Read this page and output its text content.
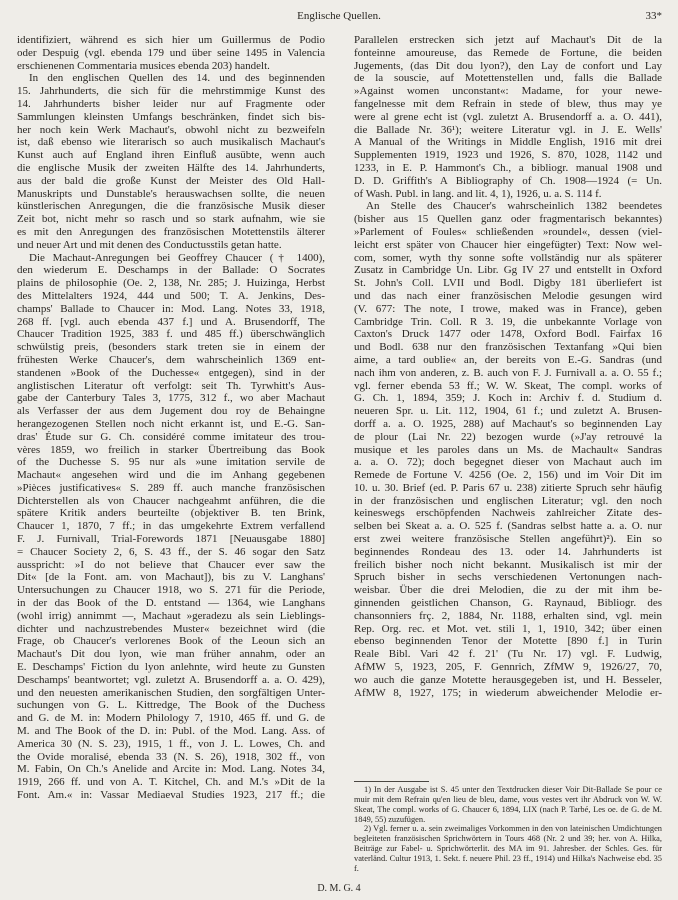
Englische Quellen.	33*
identifiziert, während es sich hier um Guillermus de Podio
oder Despuig (vgl. ebenda 179 und über seine 1495 in Valencia
erschienenen Commentaria musices ebenda 203) handelt.
In den englischen Quellen des 14. und des beginnenden
15. Jahrhunderts, die sich für die mehrstimmige Kunst des
14. Jahrhunderts bisher leider nur auf Fragmente oder
Sammlungen kleinsten Umfangs beschränken, findet sich bis-
her noch kein Werk Machaut's, obwohl nicht zu bezweifeln
ist, daß ebenso wie literarisch so auch musikalisch Machaut's
Kunst auch auf England ihren Einfluß ausübte, wenn auch
die englische Musik der zweiten Hälfte des 14. Jahrhunderts,
aus der bald die große Kunst der Meister des Old Hall-
Manuskripts und Dunstable's herauswachsen sollte, die neuen
künstlerischen Anregungen, die die französische Musik dieser
Zeit bot, nicht mehr so rasch und so stark aufnahm, wie sie
es mit den Anregungen des französischen Motettenstils älterer
und neuer Art und mit denen des Conductusstils getan hatte.
Die Machaut-Anregungen bei Geoffrey Chaucer († 1400),
den wiederum E. Deschamps in der Ballade: O Socrates
plains de philosophie (Oe. 2, 138, Nr. 285; J. Huizinga, Herbst
des Mittelalters 1924, 444 und 500; T. A. Jenkins, Des-
champs' Ballade to Chaucer in: Mod. Lang. Notes 33, 1918,
268 ff. [vgl. auch ebenda 437 f.] und A. Brusendorff, The
Chaucer Tradition 1925, 383 f. und 485 ff.) überschwänglich
schwülstig preis, (besonders stark treten sie in einem der
frühesten Werke Chaucer's, dem wahrscheinlich 1369 ent-
standenen »Book of the Duchesse« entgegen), sind in der
anglistischen Literatur oft verfolgt: seit Th. Tyrwhitt's Aus-
gabe der Canterbury Tales 3, 1775, 312 f., wo aber Machaut
als Verfasser der aus dem Jugement dou roy de Behaingne
herangezogenen Stellen noch nicht erkannt ist, und E.-G. San-
dras' Étude sur G. Ch. considéré comme imitateur des trou-
vères 1859, wo freilich in starker Übertreibung das Book
of the Duchesse S. 95 nur als »une imitation servile de
Machaut« angesehen wird und die im Anhang gegebenen
»Pièces justificatives« S. 289 ff. auch manche französischen
Dichterstellen als von Chaucer nachgeahmt anführen, die die
spätere Kritik anders beurteilte (objektiver B. ten Brink,
Chaucer 1, 1870, 7 ff.; in das umgekehrte Extrem verfallend
F. J. Furnivall, Trial-Forewords 1871 [Neuausgabe 1880]
= Chaucer Society 2, 6, S. 43 ff., der S. 46 sogar den Satz
ausspricht: »I do not believe that Chaucer ever saw the
Dit« [de la Font. am. von Machaut]), bis zu V. Langhans'
Untersuchungen zu Chaucer 1918, wo S. 271 für die Periode,
in der das Book of the D. entstand — 1364, wie Langhans
(wohl irrig) annimmt —, Machaut »geradezu als sein Lieblings-
dichter und nachzustrebendes Muster« bezeichnet wird (die
Frage, ob Chaucer's verlorenes Book of the Leoun sich an
Machaut's Dit dou lyon, wie man früher annahm, oder an
E. Deschamps' Fiction du lyon anlehnte, wird heute zu Gunsten
Deschamps' beantwortet; vgl. zuletzt A. Brusendorff a. a. O. 429),
und den neuesten amerikanischen Studien, den sorgfältigen Unter-
suchungen von G. L. Kittredge, The Book of the Duchess
and G. de M. in: Modern Philology 7, 1910, 465 ff. und G. de
M. and The Book of the D. in: Publ. of the Mod. Lang. Ass. of
America 30 (N. S. 23), 1915, 1 ff., von J. L. Lowes, Ch. and
the Ovide moralisé, ebenda 33 (N. S. 26), 1918, 302 ff., von
M. Fabin, On Ch.'s Anelide and Arcite in: Mod. Lang. Notes 34,
1919, 266 ff. und von A. T. Kitchel, Ch. and M.'s »Dit de la
Font. Am.« in: Vassar Mediaeval Studies 1923, 217 ff.; die
Parallelen erstrecken sich jetzt auf Machaut's Dit de la
fonteinne amoureuse, das Remede de Fortune, die beiden
Jugements, (das Dit dou lyon?), den Lay de confort und Lay
de la souscie, auf Motettenstellen und, falls die Ballade
»Against women unconstant«: Madame, for your newe-
fangelnesse mit dem Refrain in stede of blew, thus may ye
were al grene echt ist (vgl. zuletzt A. Brusendorff a. a. O. 441),
die Ballade Nr. 36¹); weitere Literatur vgl. in J. E. Wells'
A Manual of the Writings in Middle English, 1916 mit drei
Supplementen 1919, 1923 und 1926, S. 870, 1028, 1142 und
1233, in E. P. Hammont's Ch., a bibliogr. manual 1908 und
D. D. Griffith's A Bibliography of Ch. 1908—1924 (= Un.
of Wash. Publ. in lang. and lit. 4, 1), 1926, u. a. S. 114 f.
An Stelle des Chaucer's wahrscheinlich 1382 beendetes
(bisher aus 15 Quellen ganz oder fragmentarisch bekanntes)
»Parlement of Foules« schließenden »roundel«, dessen (viel-
leicht erst später von Chaucer hier eingefügter) Text: Now wel-
com, somer, wyth thy sonne softe vollständig nur als späterer
Zusatz in Cambridge Un. Libr. Gg IV 27 und entstellt in Oxford
St. John's Coll. LVII und Bodl. Digby 181 überliefert ist
und das nach einer französischen Melodie gesungen wird
(V. 677: The note, I trowe, maked was in France), geben
Cambridge Trin. Coll. R 3. 19, die unbekannte Vorlage von
Caxton's Druck 1477 oder 1478, Oxford Bodl. Fairfax 16
und Bodl. 638 nur den französischen Textanfang »Qui bien
aime, a tard oublie« an, der bereits von E.-G. Sandras (und
nach ihm von anderen, z. B. auch von F. J. Furnivall a. a. O. 55 f.;
vgl. ferner ebenda 53 ff.; W. W. Skeat, The compl. works of
G. Ch. 1, 1894, 359; J. Koch in: Archiv f. d. Studium d.
neueren Spr. u. Lit. 112, 1904, 61 f.; und zuletzt A. Brusen-
dorff a. a. O. 1925, 288) auf Machaut's so beginnenden Lay
de plour (Lai Nr. 22) bezogen wurde (»J'ay retrouvé la
musique et les paroles dans un Ms. de Machault« Sandras
a. a. O. 72); doch begegnet dieser von Machaut auch im
Remede de Fortune V. 4256 (Oe. 2, 156) und im Voir Dit im
10. u. 30. Brief (ed. P. Paris 67 u. 238) zitierte Spruch sehr häufig
in der französischen und englischen Literatur; vgl. den noch
keineswegs erschöpfenden Nachweis zahlreicher Zitate des-
selben bei Skeat a. a. O. 525 f. (Sandras selbst hatte a. a. O. nur
erst zwei weitere französische Stellen angeführt)²). Ein so
beginnendes Rondeau des 13. oder 14. Jahrhunderts ist
freilich bisher noch nicht bekannt. Musikalisch ist mir der
Spruch bisher in sechs verschiedenen Vertonungen nach-
weisbar. Über die drei Melodien, die zu der mit ihm be-
ginnenden geistlichen Chanson, G. Raynaud, Bibliogr. des
chansonniers frç. 2, 1884, Nr. 1188, erhalten sind, vgl. mein
Rep. Org. rec. et Mot. vet. stili 1, 1, 1910, 342; über einen
ebenso beginnenden Tenor der Motette [890 f.] in Turin
Reale Bibl. Vari 42 f. 21' (Tu Nr. 17) vgl. F. Ludwig,
AfMW 5, 1923, 205, F. Gennrich, ZfMW 9, 1926/27, 70,
wo auch die ganze Motette herausgegeben ist, und H. Besseler,
AfMW 8, 1927, 175; in wiederum abweichender Melodie er-
1) In der Ausgabe ist S. 45 unter den Textdrucken dieser Voir Dit-Ballade Se pour ce muir mit dem Refrain qu'en lieu de bleu, dame, vous vestes vert ihr Abdruck von W. W. Skeat, The compl. works of G. Chaucer 6, 1894, LIX (nach P. Tarbé, Les oe. de G. de M. 1849, 55) zuzufügen.
2) Vgl. ferner u. a. sein zweimaliges Vorkommen in den von lateinischen Umdichtungen begleiteten französischen Sprichwörtern in Tours 468 (Nr. 2 und 39; her. von A. Hilka, Beiträge zur Fabel- u. Sprichwörterlit. des MA im 91. Jahresber. der Schles. Ges. für vaterländ. Cultur 1913, 1. Sekt. f. neuere Phil. 23 ff., 1914) und Hilka's Nachweise ebd. 35 f.
D. M. G. 4
